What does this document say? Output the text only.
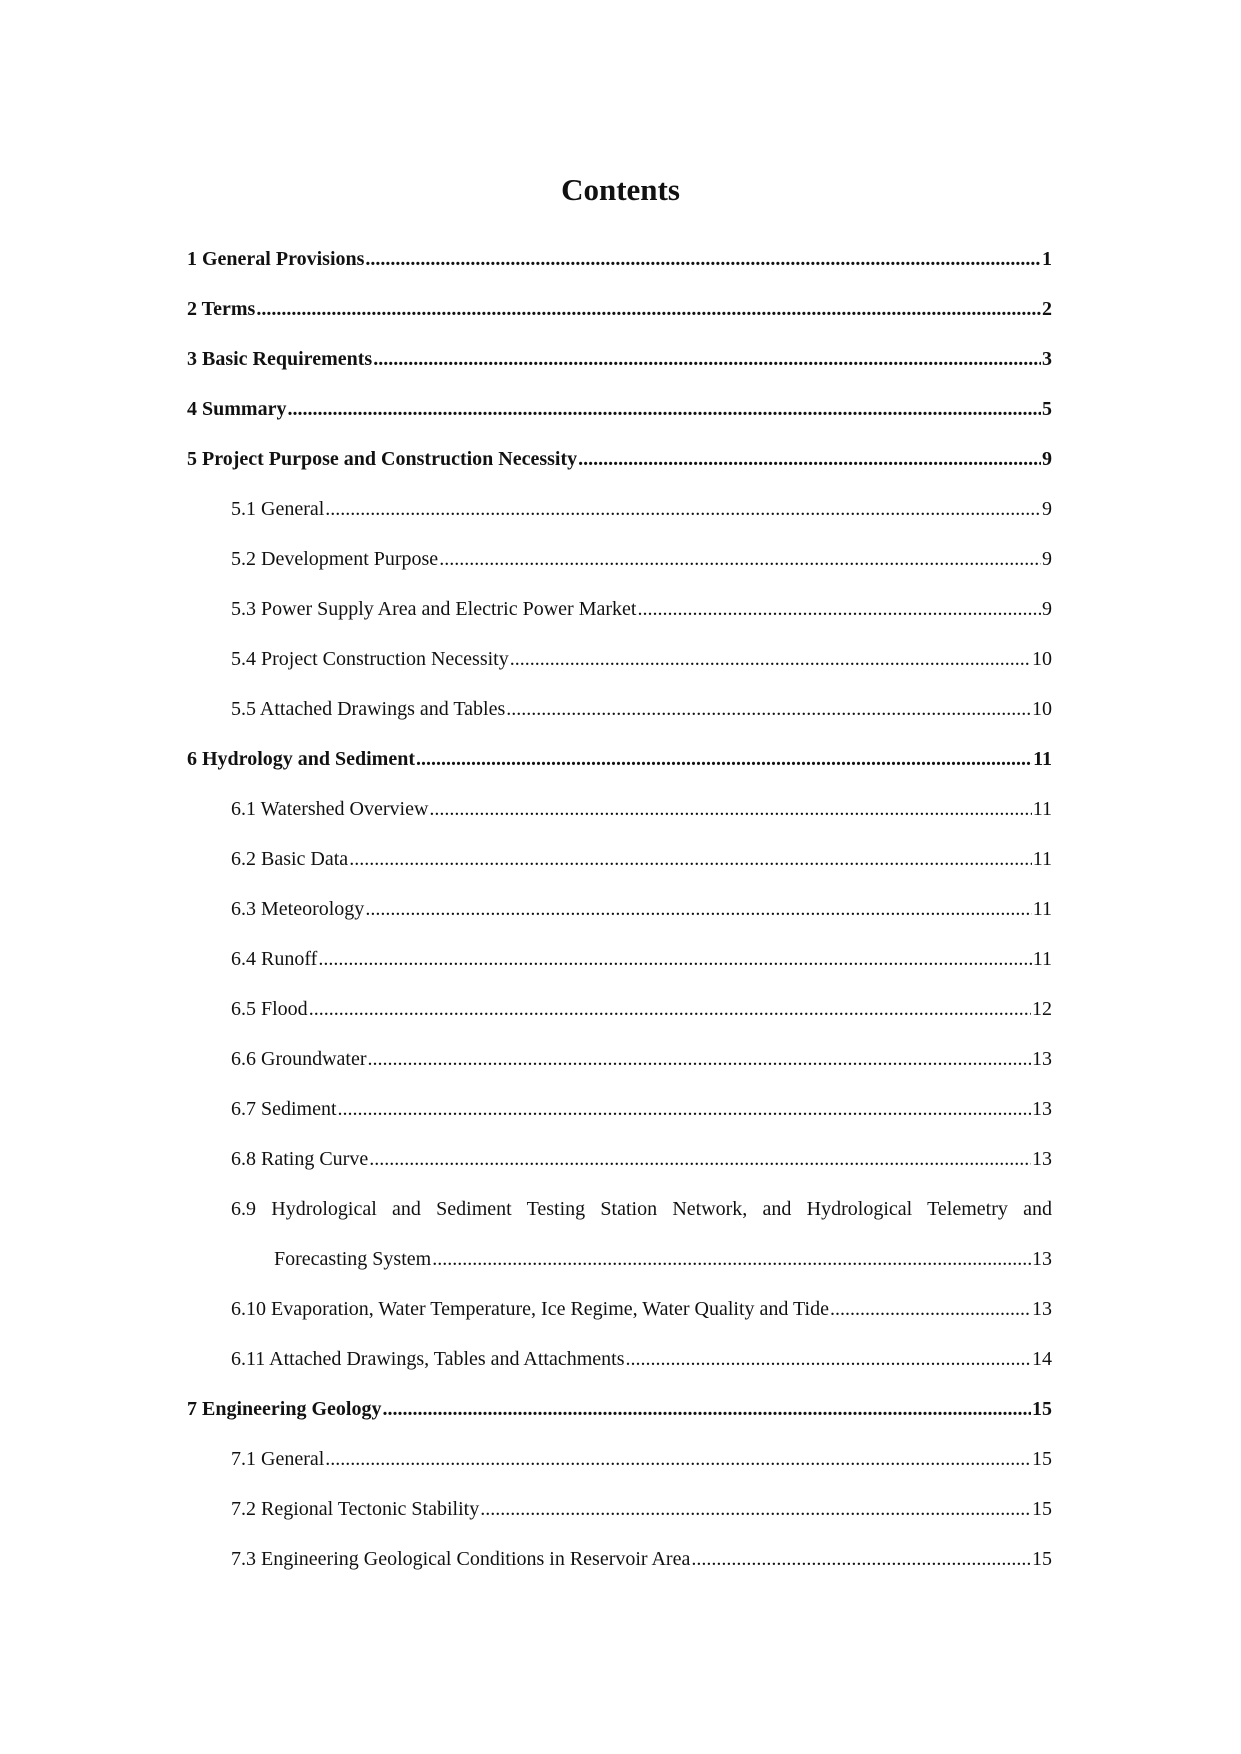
Contents
1 General Provisions .....	1
2 Terms .....	2
3 Basic Requirements .....	3
4 Summary .....	5
5 Project Purpose and Construction Necessity .....	9
5.1 General .....	9
5.2 Development Purpose .....	9
5.3 Power Supply Area and Electric Power Market .....	9
5.4 Project Construction Necessity .....	10
5.5 Attached Drawings and Tables .....	10
6 Hydrology and Sediment .....	11
6.1 Watershed Overview .....	11
6.2 Basic Data .....	11
6.3 Meteorology .....	11
6.4 Runoff .....	11
6.5 Flood .....	12
6.6 Groundwater .....	13
6.7 Sediment .....	13
6.8 Rating Curve .....	13
6.9 Hydrological and Sediment Testing Station Network, and Hydrological Telemetry and
Forecasting System .....	13
6.10 Evaporation, Water Temperature, Ice Regime, Water Quality and Tide .....	13
6.11 Attached Drawings, Tables and Attachments .....	14
7 Engineering Geology .....	15
7.1 General .....	15
7.2 Regional Tectonic Stability .....	15
7.3 Engineering Geological Conditions in Reservoir Area .....	15
